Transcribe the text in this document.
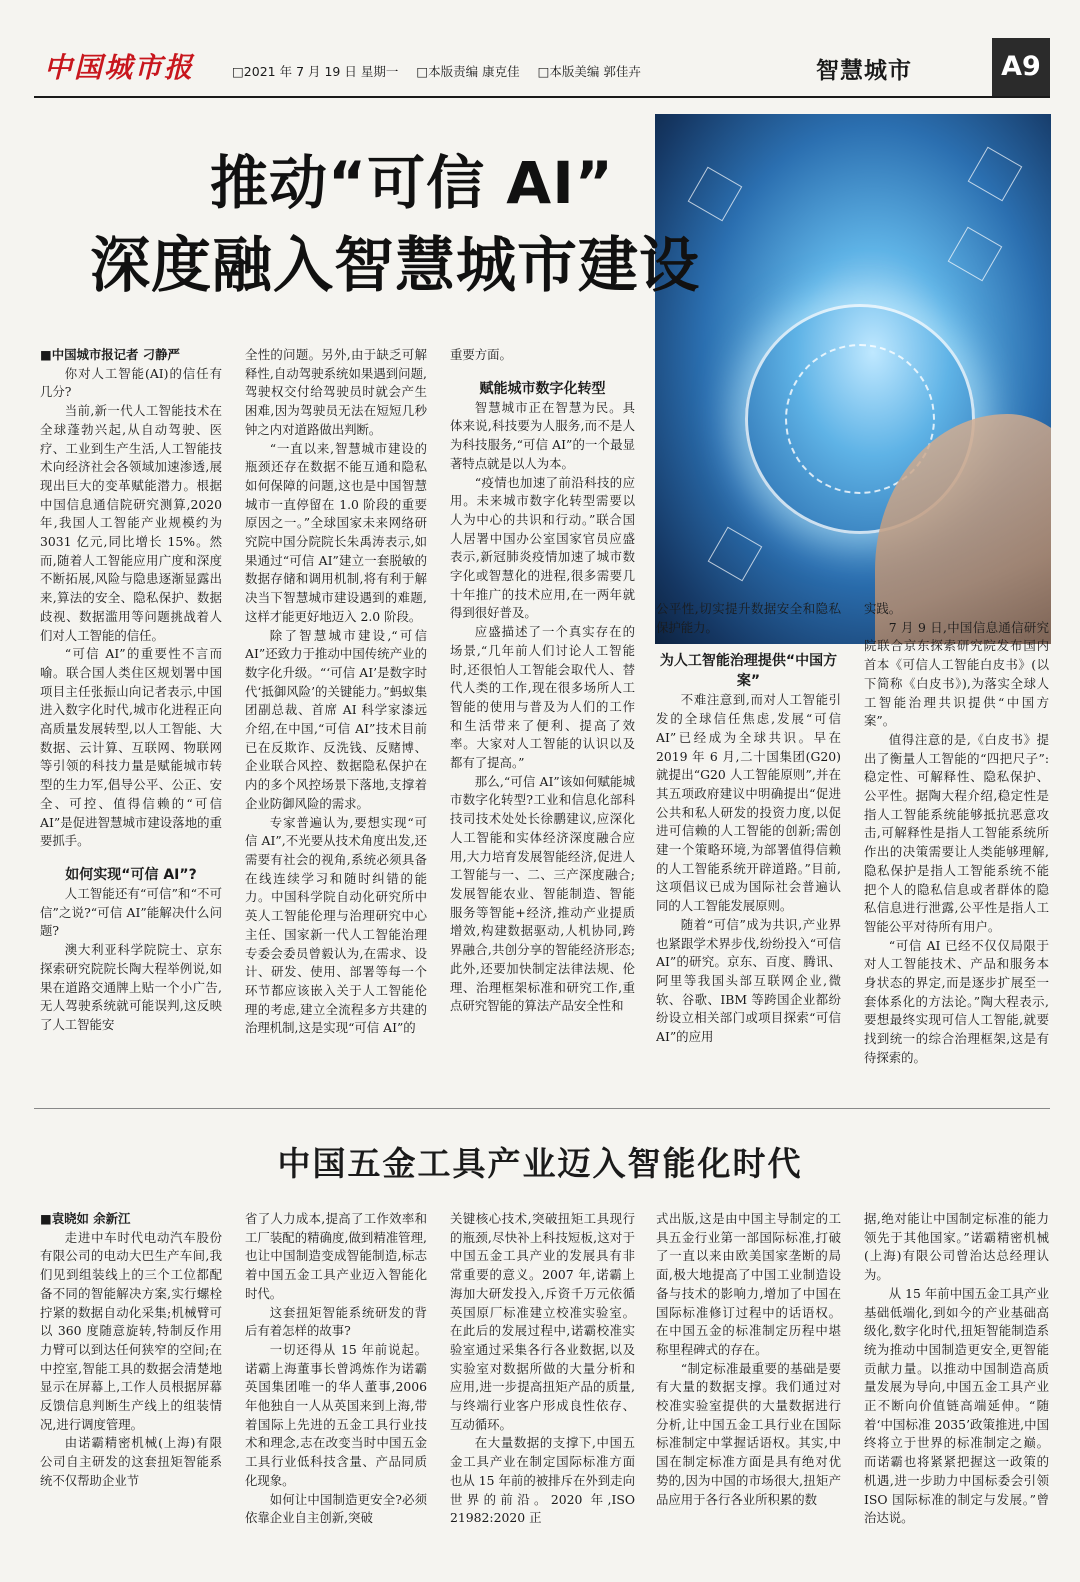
中国城市报	□2021 年 7 月 19 日 星期一 □本版责编 康克佳 □本版美编 郭佳卉	智慧城市	A9
推动“可信 AI”
深度融入智慧城市建设

■中国城市报记者 刁静严

你对人工智能(AI)的信任有几分?

当前,新一代人工智能技术在全球蓬勃兴起,从自动驾驶、医疗、工业到生产生活,人工智能技术向经济社会各领域加速渗透,展现出巨大的变革赋能潜力。根据中国信息通信院研究测算,2020 年,我国人工智能产业规模约为 3031 亿元,同比增长 15%。然而,随着人工智能应用广度和深度不断拓展,风险与隐患逐渐显露出来,算法的安全、隐私保护、数据歧视、数据滥用等问题挑战着人们对人工智能的信任。

“可信 AI”的重要性不言而喻。联合国人类住区规划署中国项目主任张振山向记者表示,中国进入数字化时代,城市化进程正向高质量发展转型,以人工智能、大数据、云计算、互联网、物联网等引领的科技力量是赋能城市转型的生力军,倡导公平、公正、安全、可控、值得信赖的“可信 AI”是促进智慧城市建设落地的重要抓手。

如何实现“可信 AI”?

人工智能还有“可信”和“不可信”之说?“可信 AI”能解决什么问题?

澳大利亚科学院院士、京东探索研究院院长陶大程举例说,如果在道路交通牌上贴一个小广告,无人驾驶系统就可能误判,这反映了人工智能安

全性的问题。另外,由于缺乏可解释性,自动驾驶系统如果遇到问题,驾驶权交付给驾驶员时就会产生困难,因为驾驶员无法在短短几秒钟之内对道路做出判断。

“一直以来,智慧城市建设的瓶颈还存在数据不能互通和隐私如何保障的问题,这也是中国智慧城市一直停留在 1.0 阶段的重要原因之一。”全球国家未来网络研究院中国分院院长朱禹涛表示,如果通过“可信 AI”建立一套脱敏的数据存储和调用机制,将有利于解决当下智慧城市建设遇到的难题,这样才能更好地迈入 2.0 阶段。

除了智慧城市建设,“可信 AI”还致力于推动中国传统产业的数字化升级。“‘可信 AI’是数字时代‘抵御风险’的关键能力。”蚂蚁集团副总裁、首席 AI 科学家漆远介绍,在中国,“可信 AI”技术目前已在反欺诈、反洗钱、反赌博、企业联合风控、数据隐私保护在内的多个风控场景下落地,支撑着企业防御风险的需求。

专家普遍认为,要想实现“可信 AI”,不光要从技术角度出发,还需要有社会的视角,系统必须具备在线连续学习和随时纠错的能力。中国科学院自动化研究所中英人工智能伦理与治理研究中心主任、国家新一代人工智能治理专委会委员曾毅认为,在需求、设计、研发、使用、部署等每一个环节都应该嵌入关于人工智能伦理的考虑,建立全流程多方共建的治理机制,这是实现“可信 AI”的

重要方面。

赋能城市数字化转型

智慧城市正在智慧为民。具体来说,科技要为人服务,而不是人为科技服务,“可信 AI”的一个最显著特点就是以人为本。

“疫情也加速了前沿科技的应用。未来城市数字化转型需要以人为中心的共识和行动。”联合国人居署中国办公室国家官员应盛表示,新冠肺炎疫情加速了城市数字化或智慧化的进程,很多需要几十年推广的技术应用,在一两年就得到很好普及。

应盛描述了一个真实存在的场景,“几年前人们讨论人工智能时,还很怕人工智能会取代人、替代人类的工作,现在很多场所人工智能的使用与普及为人们的工作和生活带来了便利、提高了效率。大家对人工智能的认识以及都有了提高。”

那么,“可信 AI”该如何赋能城市数字化转型?工业和信息化部科技司技术处处长徐鹏建议,应深化人工智能和实体经济深度融合应用,大力培育发展智能经济,促进人工智能与一、二、三产深度融合;发展智能农业、智能制造、智能服务等智能+经济,推动产业提质增效,构建数据驱动,人机协同,跨界融合,共创分享的智能经济形态;此外,还要加快制定法律法规、伦理、治理框架标准和研究工作,重点研究智能的算法产品安全性和

公平性,切实提升数据安全和隐私保护能力。

为人工智能治理提供“中国方案”

不难注意到,而对人工智能引发的全球信任焦虑,发展“可信 AI”已经成为全球共识。早在 2019 年 6 月,二十国集团(G20)就提出“G20 人工智能原则”,并在其五项政府建议中明确提出“促进公共和私人研发的投资力度,以促进可信赖的人工智能的创新;需创建一个策略环境,为部署值得信赖的人工智能系统开辟道路。”目前,这项倡议已成为国际社会普遍认同的人工智能发展原则。

随着“可信”成为共识,产业界也紧跟学术界步伐,纷纷投入“可信 AI”的研究。京东、百度、腾讯、阿里等我国头部互联网企业,微软、谷歌、IBM 等跨国企业都纷纷设立相关部门或项目探索“可信 AI”的应用

实践。

7 月 9 日,中国信息通信研究院联合京东探索研究院发布国内首本《可信人工智能白皮书》(以下简称《白皮书》),为落实全球人工智能治理共识提供“中国方案”。

值得注意的是,《白皮书》提出了衡量人工智能的“四把尺子”:稳定性、可解释性、隐私保护、公平性。据陶大程介绍,稳定性是指人工智能系统能够抵抗恶意攻击,可解释性是指人工智能系统所作出的决策需要让人类能够理解,隐私保护是指人工智能系统不能把个人的隐私信息或者群体的隐私信息进行泄露,公平性是指人工智能公平对待所有用户。

“可信 AI 已经不仅仅局限于对人工智能技术、产品和服务本身状态的界定,而是逐步扩展至一套体系化的方法论。”陶大程表示,要想最终实现可信人工智能,就要找到统一的综合治理框架,这是有待探索的。

中国五金工具产业迈入智能化时代

■袁晓如 余新江

走进中车时代电动汽车股份有限公司的电动大巴生产车间,我们见到组装线上的三个工位都配备不同的智能解决方案,实行螺栓拧紧的数据自动化采集;机械臂可以 360 度随意旋转,特制反作用力臂可以到达任何狭窄的空间;在中控室,智能工具的数据会清楚地显示在屏幕上,工作人员根据屏幕反馈信息判断生产线上的组装情况,进行调度管理。

由诺霸精密机械(上海)有限公司自主研发的这套扭矩智能系统不仅帮助企业节

省了人力成本,提高了工作效率和工厂装配的精确度,做到精准管理,也让中国制造变成智能制造,标志着中国五金工具产业迈入智能化时代。

这套扭矩智能系统研发的背后有着怎样的故事?

一切还得从 15 年前说起。诺霸上海董事长曾鸿炼作为诺霸英国集团唯一的华人董事,2006 年他独自一人从英国来到上海,带着国际上先进的五金工具行业技术和理念,志在改变当时中国五金工具行业低科技含量、产品同质化现象。

如何让中国制造更安全?必须依靠企业自主创新,突破

关键核心技术,突破扭矩工具现行的瓶颈,尽快补上科技短板,这对于中国五金工具产业的发展具有非常重要的意义。2007 年,诺霸上海加大研发投入,斥资千万元依循英国原厂标准建立校准实验室。在此后的发展过程中,诺霸校准实验室通过采集各行各业数据,以及实验室对数据所做的大量分析和应用,进一步提高扭矩产品的质量,与终端行业客户形成良性依存、互动循环。

在大量数据的支撑下,中国五金工具产业在制定国际标准方面也从 15 年前的被排斥在外到走向世界的前沿。2020 年,ISO 21982:2020 正

式出版,这是由中国主导制定的工具五金行业第一部国际标准,打破了一直以来由欧美国家垄断的局面,极大地提高了中国工业制造设备与技术的影响力,增加了中国在国际标准修订过程中的话语权。在中国五金的标准制定历程中堪称里程碑式的存在。

“制定标准最重要的基础是要有大量的数据支撑。我们通过对校准实验室提供的大量数据进行分析,让中国五金工具行业在国际标准制定中掌握话语权。其实,中国在制定标准方面是具有绝对优势的,因为中国的市场很大,扭矩产品应用于各行各业所积累的数

据,绝对能让中国制定标准的能力领先于其他国家。”诺霸精密机械(上海)有限公司曾治达总经理认为。

从 15 年前中国五金工具产业基础低端化,到如今的产业基础高级化,数字化时代,扭矩智能制造系统为推动中国制造更安全,更智能贡献力量。以推动中国制造高质量发展为导向,中国五金工具产业正不断向价值链高端延伸。“随着‘中国标准 2035’政策推进,中国终将立于世界的标准制定之巅。而诺霸也将紧紧把握这一政策的机遇,进一步助力中国标委会引领 ISO 国际标准的制定与发展。”曾治达说。
